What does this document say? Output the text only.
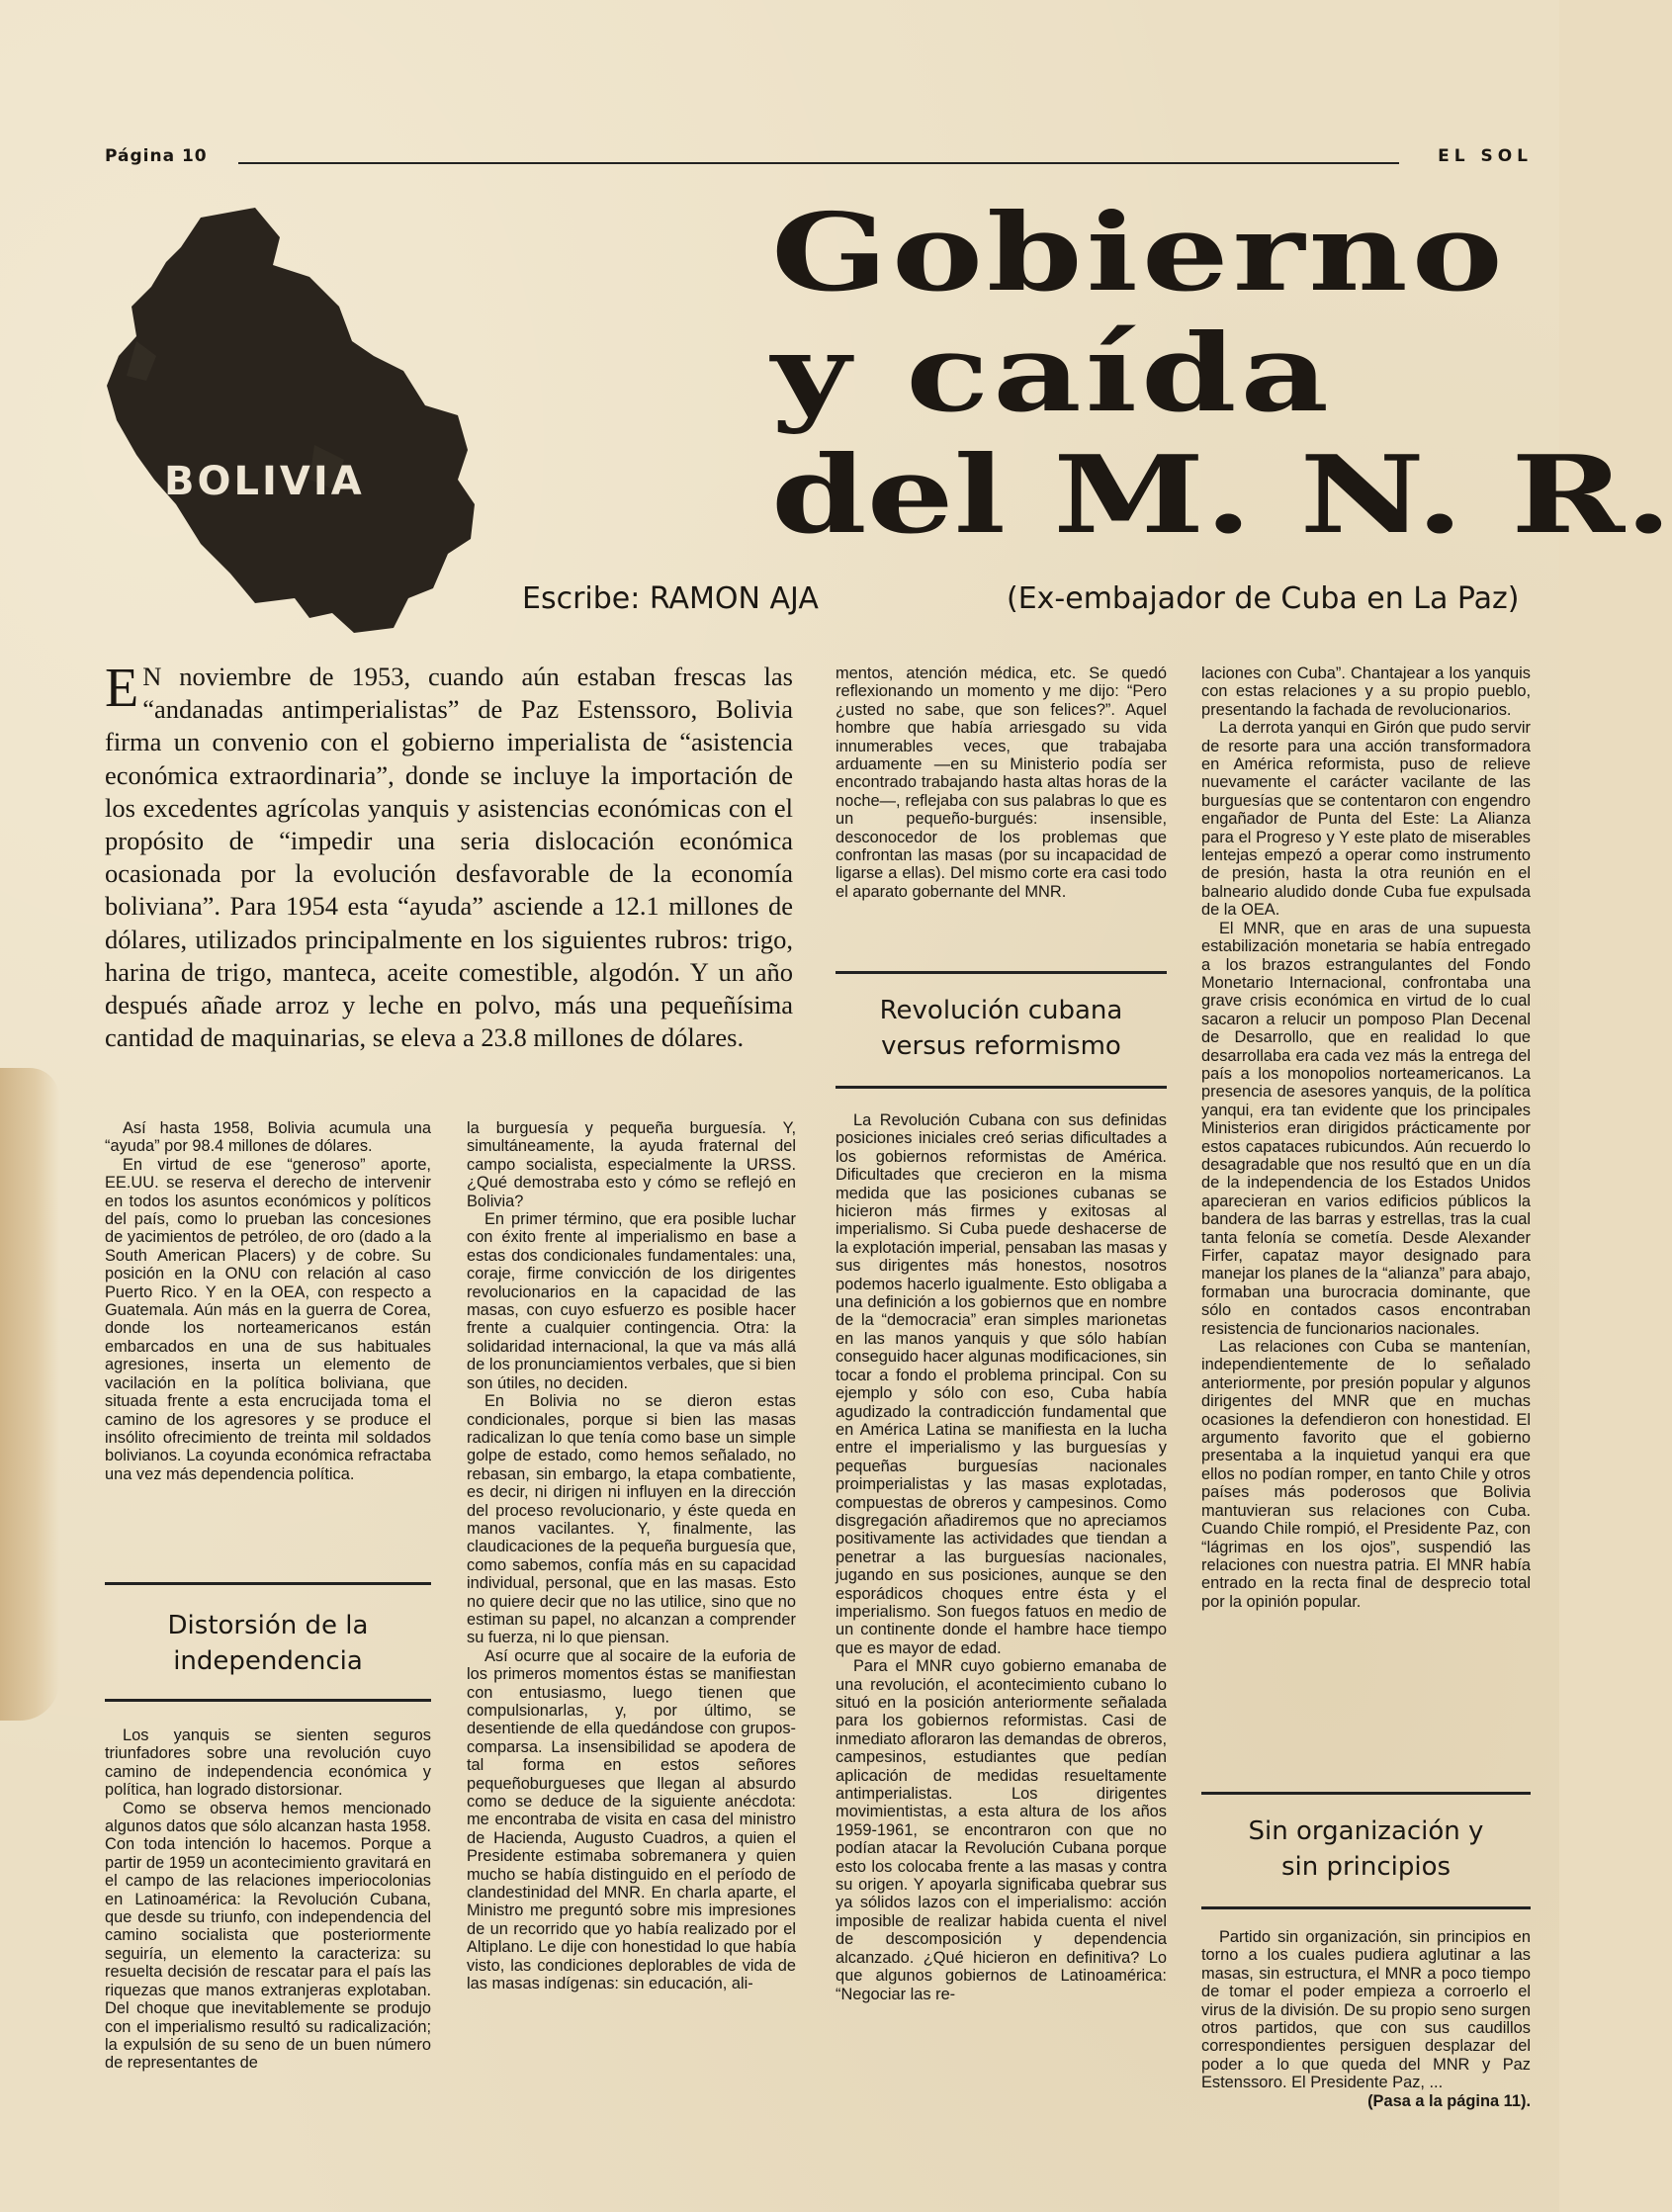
Página 10	EL SOL
BOLIVIA
Gobierno
y caída
del M. N. R.
Escribe: RAMON AJA	(Ex-embajador de Cuba en La Paz)
E N noviembre de 1953, cuando aún estaban frescas las “andanadas antimperialistas” de Paz Estenssoro, Bolivia firma un convenio con el gobierno imperialista de “asistencia económica extraordinaria”, donde se incluye la importación de los excedentes agrícolas yanquis y asistencias económicas con el propósito de “impedir una seria dislocación económica ocasionada por la evolución desfavorable de la economía boliviana”. Para 1954 esta “ayuda” asciende a 12.1 millones de dólares, utilizados principalmente en los siguientes rubros: trigo, harina de trigo, manteca, aceite comestible, algodón. Y un año después añade arroz y leche en polvo, más una pequeñísima cantidad de maquinarias, se eleva a 23.8 millones de dólares.

Así hasta 1958, Bolivia acumula una “ayuda” por 98.4 millones de dólares.

En virtud de ese “generoso” aporte, EE.UU. se reserva el derecho de intervenir en todos los asuntos económicos y políticos del país, como lo prueban las concesiones de yacimientos de petróleo, de oro (dado a la South American Placers) y de cobre. Su posición en la ONU con relación al caso Puerto Rico. Y en la OEA, con respecto a Guatemala. Aún más en la guerra de Corea, donde los norteamericanos están embarcados en una de sus habituales agresiones, inserta un elemento de vacilación en la política boliviana, que situada frente a esta encrucijada toma el camino de los agresores y se produce el insólito ofrecimiento de treinta mil soldados bolivianos. La coyunda económica refractaba una vez más dependencia política.

Distorsión de la independencia

Los yanquis se sienten seguros triunfadores sobre una revolución cuyo camino de independencia económica y política, han logrado distorsionar.

Como se observa hemos mencionado algunos datos que sólo alcanzan hasta 1958. Con toda intención lo hacemos. Porque a partir de 1959 un acontecimiento gravitará en el campo de las relaciones imperiocolonias en Latinoamérica: la Revolución Cubana, que desde su triunfo, con independencia del camino socialista que posteriormente seguiría, un elemento la caracteriza: su resuelta decisión de rescatar para el país las riquezas que manos extranjeras explotaban. Del choque que inevitablemente se produjo con el imperialismo resultó su radicalización; la expulsión de su seno de un buen número de representantes de

la burguesía y pequeña burguesía. Y, simultáneamente, la ayuda fraternal del campo socialista, especialmente la URSS. ¿Qué demostraba esto y cómo se reflejó en Bolivia?

En primer término, que era posible luchar con éxito frente al imperialismo en base a estas dos condicionales fundamentales: una, coraje, firme convicción de los dirigentes revolucionarios en la capacidad de las masas, con cuyo esfuerzo es posible hacer frente a cualquier contingencia. Otra: la solidaridad internacional, la que va más allá de los pronunciamientos verbales, que si bien son útiles, no deciden.

En Bolivia no se dieron estas condicionales, porque si bien las masas radicalizan lo que tenía como base un simple golpe de estado, como hemos señalado, no rebasan, sin embargo, la etapa combatiente, es decir, ni dirigen ni influyen en la dirección del proceso revolucionario, y éste queda en manos vacilantes. Y, finalmente, las claudicaciones de la pequeña burguesía que, como sabemos, confía más en su capacidad individual, personal, que en las masas. Esto no quiere decir que no las utilice, sino que no estiman su papel, no alcanzan a comprender su fuerza, ni lo que piensan.

Así ocurre que al socaire de la euforia de los primeros momentos éstas se manifiestan con entusiasmo, luego tienen que compulsionarlas, y, por último, se desentiende de ella quedándose con grupos-comparsa. La insensibilidad se apodera de tal forma en estos señores pequeñoburgueses que llegan al absurdo como se deduce de la siguiente anécdota: me encontraba de visita en casa del ministro de Hacienda, Augusto Cuadros, a quien el Presidente estimaba sobremanera y quien mucho se había distinguido en el período de clandestinidad del MNR. En charla aparte, el Ministro me preguntó sobre mis impresiones de un recorrido que yo había realizado por el Altiplano. Le dije con honestidad lo que había visto, las condiciones deplorables de vida de las masas indígenas: sin educación, ali-

mentos, atención médica, etc. Se quedó reflexionando un momento y me dijo: “Pero ¿usted no sabe, que son felices?”. Aquel hombre que había arriesgado su vida innumerables veces, que trabajaba arduamente —en su Ministerio podía ser encontrado trabajando hasta altas horas de la noche—, reflejaba con sus palabras lo que es un pequeño-burgués: insensible, desconocedor de los problemas que confrontan las masas (por su incapacidad de ligarse a ellas). Del mismo corte era casi todo el aparato gobernante del MNR.

Revolución cubana versus reformismo

La Revolución Cubana con sus definidas posiciones iniciales creó serias dificultades a los gobiernos reformistas de América. Dificultades que crecieron en la misma medida que las posiciones cubanas se hicieron más firmes y exitosas al imperialismo. Si Cuba puede deshacerse de la explotación imperial, pensaban las masas y sus dirigentes más honestos, nosotros podemos hacerlo igualmente. Esto obligaba a una definición a los gobiernos que en nombre de la “democracia” eran simples marionetas en las manos yanquis y que sólo habían conseguido hacer algunas modificaciones, sin tocar a fondo el problema principal. Con su ejemplo y sólo con eso, Cuba había agudizado la contradicción fundamental que en América Latina se manifiesta en la lucha entre el imperialismo y las burguesías y pequeñas burguesías nacionales proimperialistas y las masas explotadas, compuestas de obreros y campesinos. Como disgregación añadiremos que no apreciamos positivamente las actividades que tiendan a penetrar a las burguesías nacionales, jugando en sus posiciones, aunque se den esporádicos choques entre ésta y el imperialismo. Son fuegos fatuos en medio de un continente donde el hambre hace tiempo que es mayor de edad.

Para el MNR cuyo gobierno emanaba de una revolución, el acontecimiento cubano lo situó en la posición anteriormente señalada para los gobiernos reformistas. Casi de inmediato afloraron las demandas de obreros, campesinos, estudiantes que pedían aplicación de medidas resueltamente antimperialistas. Los dirigentes movimientistas, a esta altura de los años 1959-1961, se encontraron con que no podían atacar la Revolución Cubana porque esto los colocaba frente a las masas y contra su origen. Y apoyarla significaba quebrar sus ya sólidos lazos con el imperialismo: acción imposible de realizar habida cuenta el nivel de descomposición y dependencia alcanzado. ¿Qué hicieron en definitiva? Lo que algunos gobiernos de Latinoamérica: “Negociar las re-

laciones con Cuba”. Chantajear a los yanquis con estas relaciones y a su propio pueblo, presentando la fachada de revolucionarios.

La derrota yanqui en Girón que pudo servir de resorte para una acción transformadora en América reformista, puso de relieve nuevamente el carácter vacilante de las burguesías que se contentaron con engendro engañador de Punta del Este: La Alianza para el Progreso y Y este plato de miserables lentejas empezó a operar como instrumento de presión, hasta la otra reunión en el balneario aludido donde Cuba fue expulsada de la OEA.

El MNR, que en aras de una supuesta estabilización monetaria se había entregado a los brazos estrangulantes del Fondo Monetario Internacional, confrontaba una grave crisis económica en virtud de lo cual sacaron a relucir un pomposo Plan Decenal de Desarrollo, que en realidad lo que desarrollaba era cada vez más la entrega del país a los monopolios norteamericanos. La presencia de asesores yanquis, de la política yanqui, era tan evidente que los principales Ministerios eran dirigidos prácticamente por estos capataces rubicundos. Aún recuerdo lo desagradable que nos resultó que en un día de la independencia de los Estados Unidos aparecieran en varios edificios públicos la bandera de las barras y estrellas, tras la cual tanta felonía se cometía. Desde Alexander Firfer, capataz mayor designado para manejar los planes de la “alianza” para abajo, formaban una burocracia dominante, que sólo en contados casos encontraban resistencia de funcionarios nacionales.

Las relaciones con Cuba se mantenían, independientemente de lo señalado anteriormente, por presión popular y algunos dirigentes del MNR que en muchas ocasiones la defendieron con honestidad. El argumento favorito que el gobierno presentaba a la inquietud yanqui era que ellos no podían romper, en tanto Chile y otros países más poderosos que Bolivia mantuvieran sus relaciones con Cuba. Cuando Chile rompió, el Presidente Paz, con “lágrimas en los ojos”, suspendió las relaciones con nuestra patria. El MNR había entrado en la recta final de desprecio total por la opinión popular.

Sin organización y sin principios

Partido sin organización, sin principios en torno a los cuales pudiera aglutinar a las masas, sin estructura, el MNR a poco tiempo de tomar el poder empieza a corroerlo el virus de la división. De su propio seno surgen otros partidos, que con sus caudillos correspondientes persiguen desplazar del poder a lo que queda del MNR y Paz Estenssoro. El Presidente Paz, ...

(Pasa a la página 11).
